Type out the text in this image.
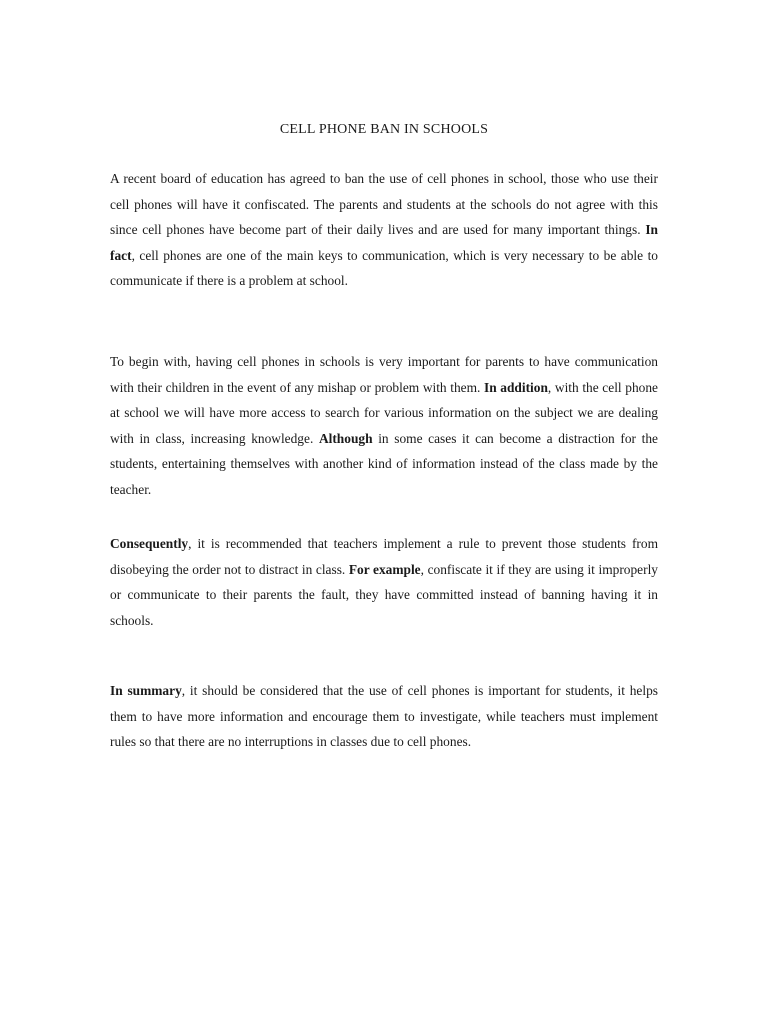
CELL PHONE BAN IN SCHOOLS

A recent board of education has agreed to ban the use of cell phones in school, those who use their cell phones will have it confiscated. The parents and students at the schools do not agree with this since cell phones have become part of their daily lives and are used for many important things. In fact, cell phones are one of the main keys to communication, which is very necessary to be able to communicate if there is a problem at school.

To begin with, having cell phones in schools is very important for parents to have communication with their children in the event of any mishap or problem with them. In addition, with the cell phone at school we will have more access to search for various information on the subject we are dealing with in class, increasing knowledge. Although in some cases it can become a distraction for the students, entertaining themselves with another kind of information instead of the class made by the teacher.

Consequently, it is recommended that teachers implement a rule to prevent those students from disobeying the order not to distract in class. For example, confiscate it if they are using it improperly or communicate to their parents the fault, they have committed instead of banning having it in schools.

In summary, it should be considered that the use of cell phones is important for students, it helps them to have more information and encourage them to investigate, while teachers must implement rules so that there are no interruptions in classes due to cell phones.
